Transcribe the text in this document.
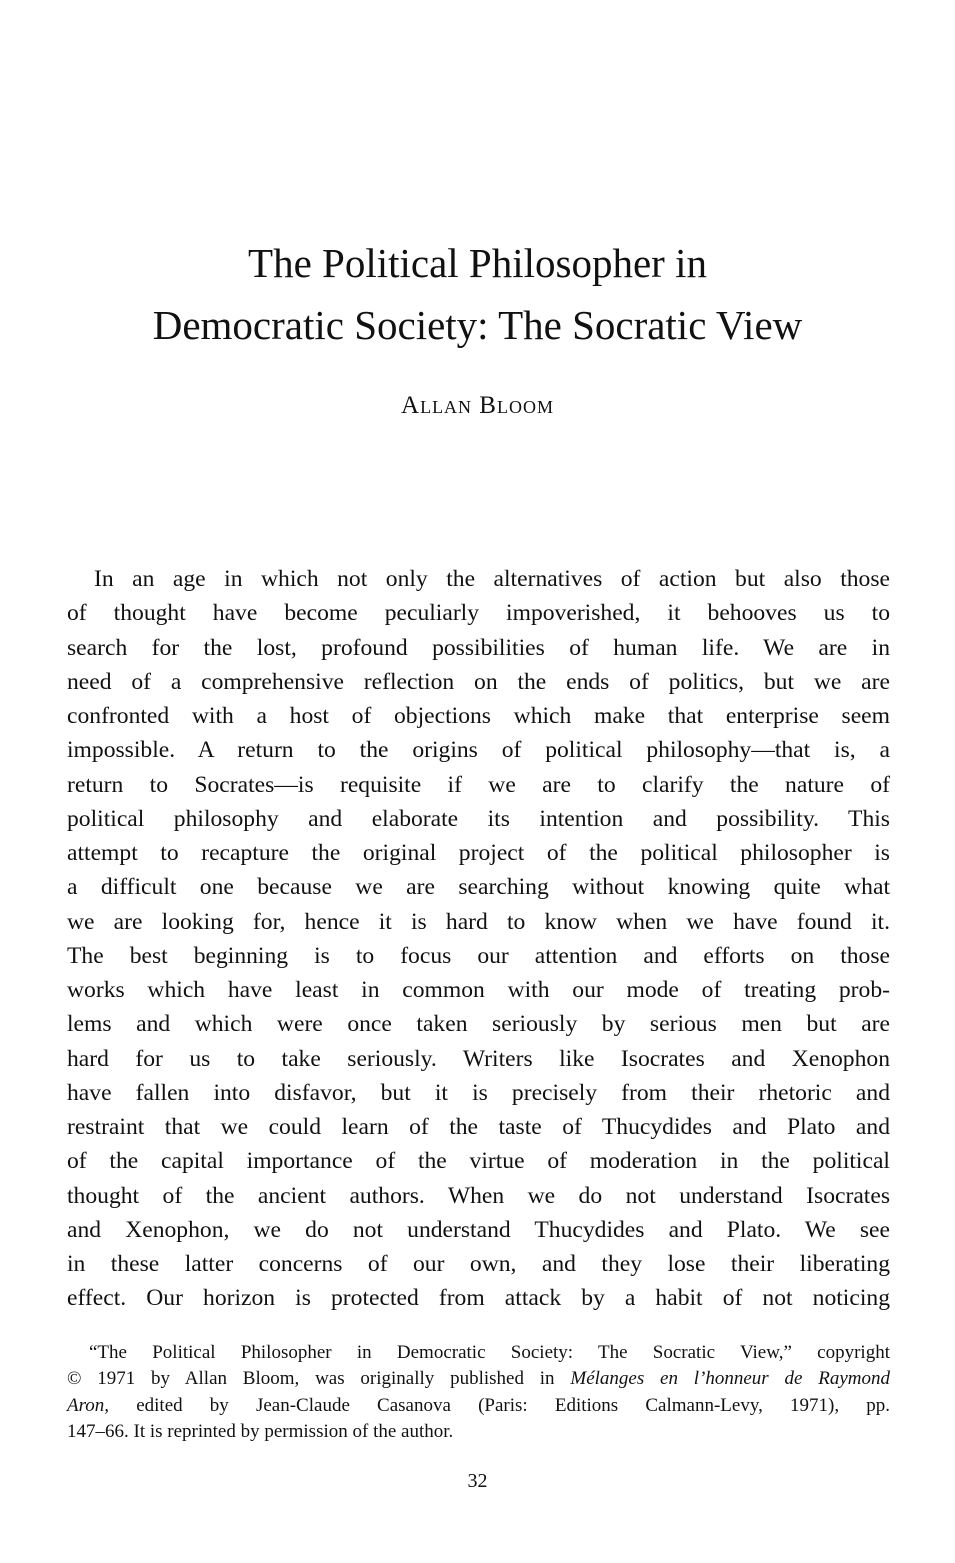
The Political Philosopher in
Democratic Society: The Socratic View
Allan Bloom
In an age in which not only the alternatives of action but also those
of thought have become peculiarly impoverished, it behooves us to
search for the lost, profound possibilities of human life. We are in
need of a comprehensive reflection on the ends of politics, but we are
confronted with a host of objections which make that enterprise seem
impossible. A return to the origins of political philosophy—that is, a
return to Socrates—is requisite if we are to clarify the nature of
political philosophy and elaborate its intention and possibility. This
attempt to recapture the original project of the political philosopher is
a difficult one because we are searching without knowing quite what
we are looking for, hence it is hard to know when we have found it.
The best beginning is to focus our attention and efforts on those
works which have least in common with our mode of treating prob-
lems and which were once taken seriously by serious men but are
hard for us to take seriously. Writers like Isocrates and Xenophon
have fallen into disfavor, but it is precisely from their rhetoric and
restraint that we could learn of the taste of Thucydides and Plato and
of the capital importance of the virtue of moderation in the political
thought of the ancient authors. When we do not understand Isocrates
and Xenophon, we do not understand Thucydides and Plato. We see
in these latter concerns of our own, and they lose their liberating
effect. Our horizon is protected from attack by a habit of not noticing
“The Political Philosopher in Democratic Society: The Socratic View,” copyright
© 1971 by Allan Bloom, was originally published in Mélanges en l’honneur de Raymond
Aron, edited by Jean-Claude Casanova (Paris: Editions Calmann-Levy, 1971), pp.
147–66. It is reprinted by permission of the author.
32
